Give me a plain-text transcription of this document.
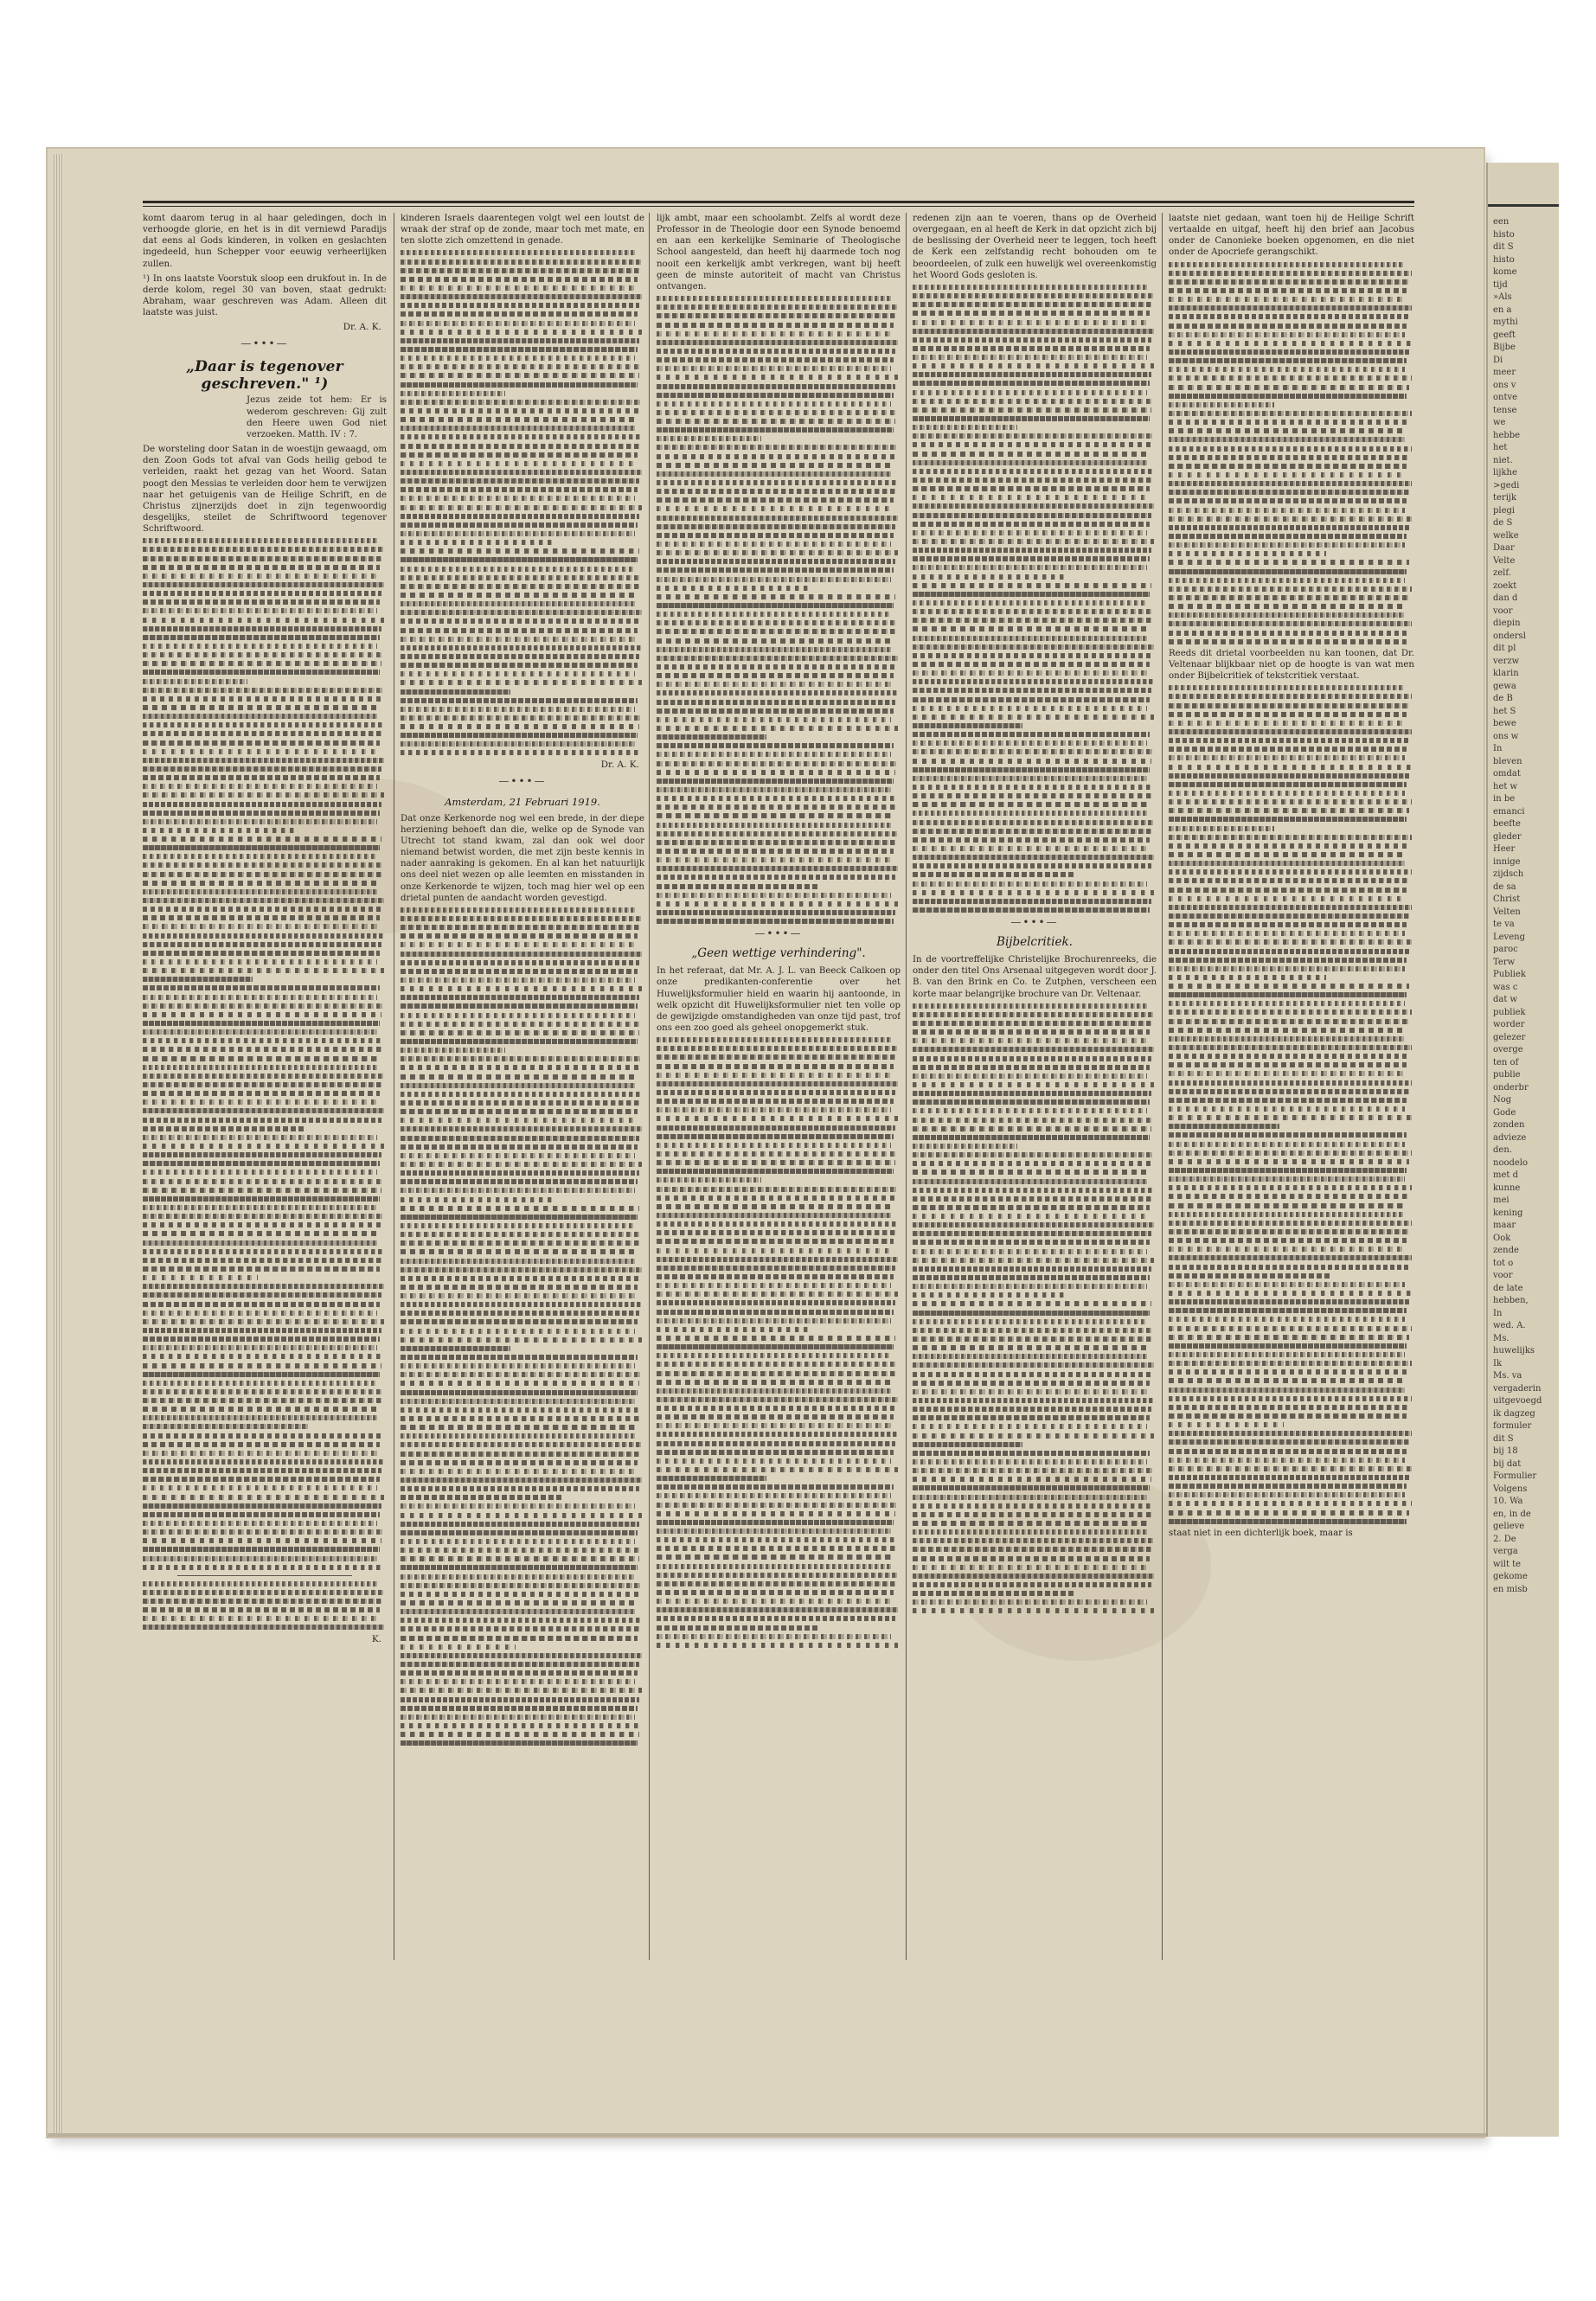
een

histo

dit S

histo

kome

tijd

»Als

en a

mythi

geeft

Bijbe

Di

meer

ons v

ontve

tense

we

hebbe

het

niet.

lijkhe

>gedi

terijk

plegi

de S

welke

Daar

Velte

zelf.

zoekt

dan d

voor

diepin

ondersl

dit pl

verzw

klarin

gewa

de B

het S

bewe

ons w

In

bleven

omdat

het w

in be

emanci

beefte

gleder

Heer

innige

zijdsch

de sa

Christ

Velten

te va

Leveng

paroc

Terw

Publiek

was c

dat w

publiek

worder

gelezer

overge

ten of

publie

onderbr

Nog

Gode

zonden

advieze

den.

noodelo

met d

kunne

mei

kening

maar

Ook

zende

tot o

voor

de late

hebben,

In

wed. A.

Ms.

huwelijks

Ik

Ms. va

vergaderin

uitgevoegd

ik dagzeg

formuler

dit S

bij 18

bij dat

Formulier

Volgens

10. Wa

en, in de

gelieve

2. De

verga

wilt te

gekome

en misb

komt daarom terug in al haar geledingen, doch in verhoogde glorie, en het is in dit verniewd Paradijs dat eens al Gods kinderen, in volken en geslachten ingedeeld, hun Schepper voor eeuwig verheerlijken zullen.

¹) In ons laatste Voorstuk sloop een drukfout in. In de derde kolom, regel 30 van boven, staat gedrukt: Abraham, waar geschreven was Adam. Alleen dit laatste was juist.

Dr. A. K.
—•••—
„Daar is tegenover geschreven." ¹)

Jezus zeide tot hem: Er is wederom geschreven: Gij zult den Heere uwen God niet verzoeken. Matth. IV : 7.

De worsteling door Satan in de woestijn gewaagd, om den Zoon Gods tot afval van Gods heilig gebod te verleiden, raakt het gezag van het Woord. Satan poogt den Messias te verleiden door hem te verwijzen naar het getuigenis van de Heilige Schrift, en de Christus zijnerzijds doet in zijn tegenwoordig desgelijks, steilet de Schriftwoord tegenover Schriftwoord.

K.

kinderen Israels daarentegen volgt wel een loutst de wraak der straf op de zonde, maar toch met mate, en ten slotte zich omzettend in genade.

Dr. A. K.
—•••—
Amsterdam, 21 Februari 1919.

Dat onze Kerkenorde nog wel een brede, in der diepe herziening behoeft dan die, welke op de Synode van Utrecht tot stand kwam, zal dan ook wel door niemand betwist worden, die met zijn beste kennis in nader aanraking is gekomen. En al kan het natuurlijk ons deel niet wezen op alle leemten en misstanden in onze Kerkenorde te wijzen, toch mag hier wel op een drietal punten de aandacht worden gevestigd.

lijk ambt, maar een schoolambt. Zelfs al wordt deze Professor in de Theologie door een Synode benoemd en aan een kerkelijke Seminarie of Theologische School aangesteld, dan heeft hij daarmede toch nog nooit een kerkelijk ambt verkregen, want bij heeft geen de minste autoriteit of macht van Christus ontvangen.

—•••—
„Geen wettige verhindering".

In het referaat, dat Mr. A. J. L. van Beeck Calkoen op onze predikanten-conferentie over het Huwelijksformulier hield en waarin hij aantoonde, in welk opzicht dit Huwelijksformulier niet ten volle op de gewijzigde omstandigheden van onze tijd past, trof ons een zoo goed als geheel onopgemerkt stuk.

redenen zijn aan te voeren, thans op de Overheid overgegaan, en al heeft de Kerk in dat opzicht zich bij de beslissing der Overheid neer te leggen, toch heeft de Kerk een zelfstandig recht bohouden om te beoordeelen, of zulk een huwelijk wel overeenkomstig het Woord Gods gesloten is.

—•••—
Bijbelcritiek.

In de voortreffelijke Christelijke Brochurenreeks, die onder den titel Ons Arsenaal uitgegeven wordt door J. B. van den Brink en Co. te Zutphen, verscheen een korte maar belangrijke brochure van Dr. Veltenaar.

laatste niet gedaan, want toen hij de Heilige Schrift vertaalde en uitgaf, heeft hij den brief aan Jacobus onder de Canonieke boeken opgenomen, en die niet onder de Apocriefe gerangschikt.

Reeds dit drietal voorbeelden nu kan toonen, dat Dr. Veltenaar blijkbaar niet op de hoogte is van wat men onder Bijbelcritiek of tekstcritiek verstaat.

staat niet in een dichterlijk boek, maar is
